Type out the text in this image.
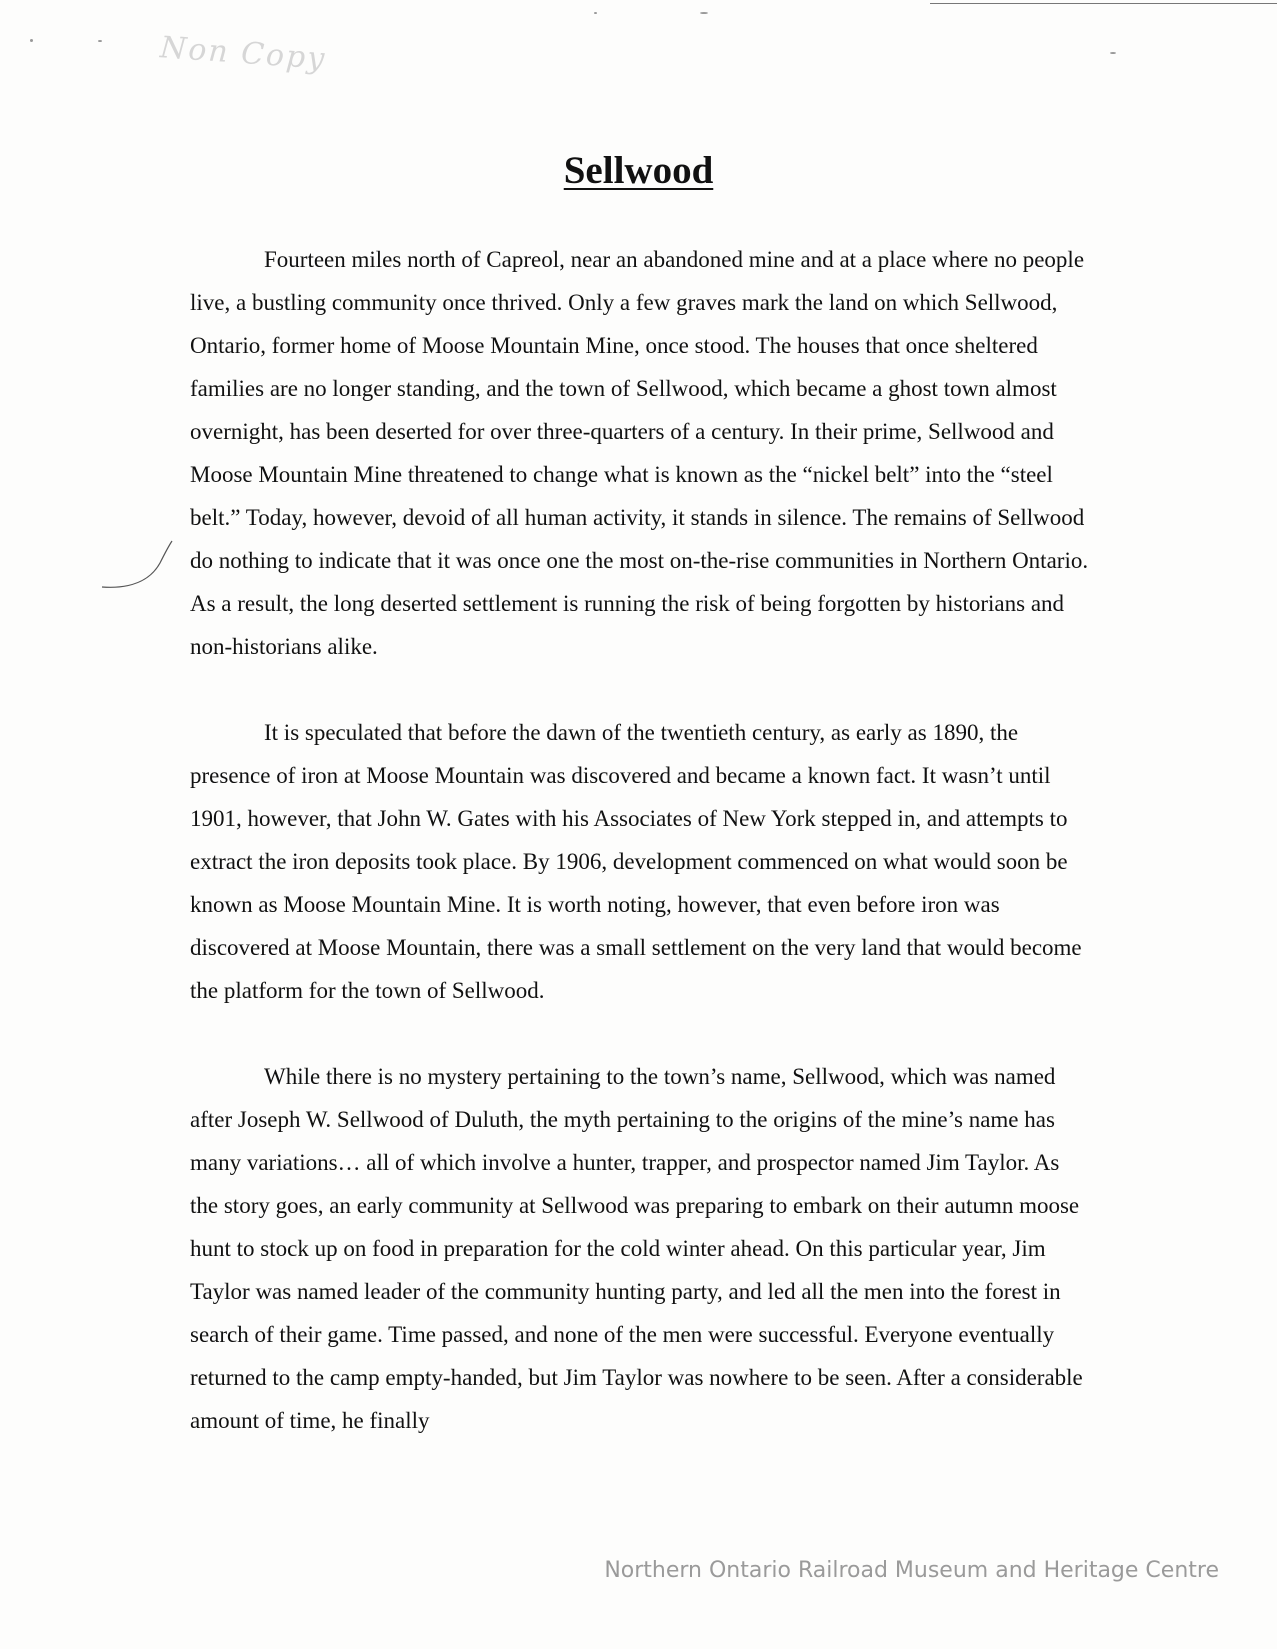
Non Copy
Sellwood

Fourteen miles north of Capreol, near an abandoned mine and at a place where no people live, a bustling community once thrived. Only a few graves mark the land on which Sellwood, Ontario, former home of Moose Mountain Mine, once stood. The houses that once sheltered families are no longer standing, and the town of Sellwood, which became a ghost town almost overnight, has been deserted for over three-quarters of a century. In their prime, Sellwood and Moose Mountain Mine threatened to change what is known as the “nickel belt” into the “steel belt.” Today, however, devoid of all human activity, it stands in silence. The remains of Sellwood do nothing to indicate that it was once one the most on-the-rise communities in Northern Ontario. As a result, the long deserted settlement is running the risk of being forgotten by historians and non-historians alike.

It is speculated that before the dawn of the twentieth century, as early as 1890, the presence of iron at Moose Mountain was discovered and became a known fact. It wasn’t until 1901, however, that John W. Gates with his Associates of New York stepped in, and attempts to extract the iron deposits took place. By 1906, development commenced on what would soon be known as Moose Mountain Mine. It is worth noting, however, that even before iron was discovered at Moose Mountain, there was a small settlement on the very land that would become the platform for the town of Sellwood.

While there is no mystery pertaining to the town’s name, Sellwood, which was named after Joseph W. Sellwood of Duluth, the myth pertaining to the origins of the mine’s name has many variations… all of which involve a hunter, trapper, and prospector named Jim Taylor. As the story goes, an early community at Sellwood was preparing to embark on their autumn moose hunt to stock up on food in preparation for the cold winter ahead. On this particular year, Jim Taylor was named leader of the community hunting party, and led all the men into the forest in search of their game. Time passed, and none of the men were successful. Everyone eventually returned to the camp empty-handed, but Jim Taylor was nowhere to be seen. After a considerable amount of time, he finally

Northern Ontario Railroad Museum and Heritage Centre
